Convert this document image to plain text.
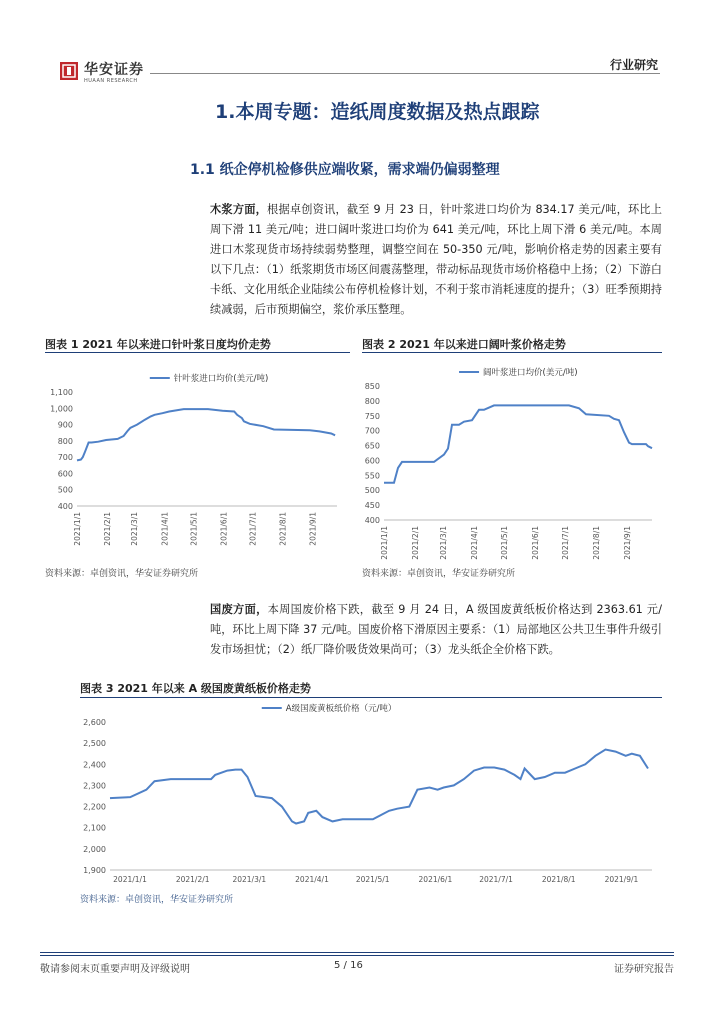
华安证券
HUAAN RESEARCH
行业研究
1.本周专题：造纸周度数据及热点跟踪
1.1 纸企停机检修供应端收紧，需求端仍偏弱整理
木浆方面，根据卓创资讯，截至 9 月 23 日，针叶浆进口均价为 834.17 美元/吨，环比上周下滑 11 美元/吨；进口阔叶浆进口均价为 641 美元/吨，环比上周下滑 6 美元/吨。本周进口木浆现货市场持续弱势整理，调整空间在 50-350 元/吨，影响价格走势的因素主要有以下几点：（1）纸浆期货市场区间震荡整理，带动标品现货市场价格稳中上扬；（2）下游白卡纸、文化用纸企业陆续公布停机检修计划，不利于浆市消耗速度的提升；（3）旺季预期持续减弱，后市预期偏空，浆价承压整理。
图表 1 2021 年以来进口针叶浆日度均价走势
400
500
600
700
800
900
1,000
1,100
2021/1/1	2021/2/1 2021/3/1	2021/4/1	2021/5/1	2021/6/1	2021/7/1	2021/8/1	2021/9/1
针叶浆进口均价(美元/吨)
资料来源：卓创资讯，华安证券研究所
图表 2 2021 年以来进口阔叶浆价格走势
400
450
500
550
600
650
700
750
800
850
2021/1/1	2021/2/1	2021/3/1	2021/4/1	2021/5/1	2021/6/1	2021/7/1	2021/8/1	2021/9/1
阔叶浆进口均价(美元/吨)
资料来源：卓创资讯，华安证券研究所
国废方面，本周国废价格下跌，截至 9 月 24 日，A 级国废黄纸板价格达到 2363.61 元/吨，环比上周下降 37 元/吨。国废价格下滑原因主要系：（1）局部地区公共卫生事件升级引发市场担忧；（2）纸厂降价吸货效果尚可；（3）龙头纸企全价格下跌。
图表 3 2021 年以来 A 级国废黄纸板价格走势
1,900
2,000
2,100
2,200
2,300
2,400
2,500
2,600
2021/1/1	2021/2/1	2021/3/1	2021/4/1	2021/5/1	2021/6/1	2021/7/1	2021/8/1	2021/9/1
A级国废黄板纸价格（元/吨）
资料来源：卓创资讯，华安证券研究所
敬请参阅末页重要声明及评级说明	5 / 16	证券研究报告
